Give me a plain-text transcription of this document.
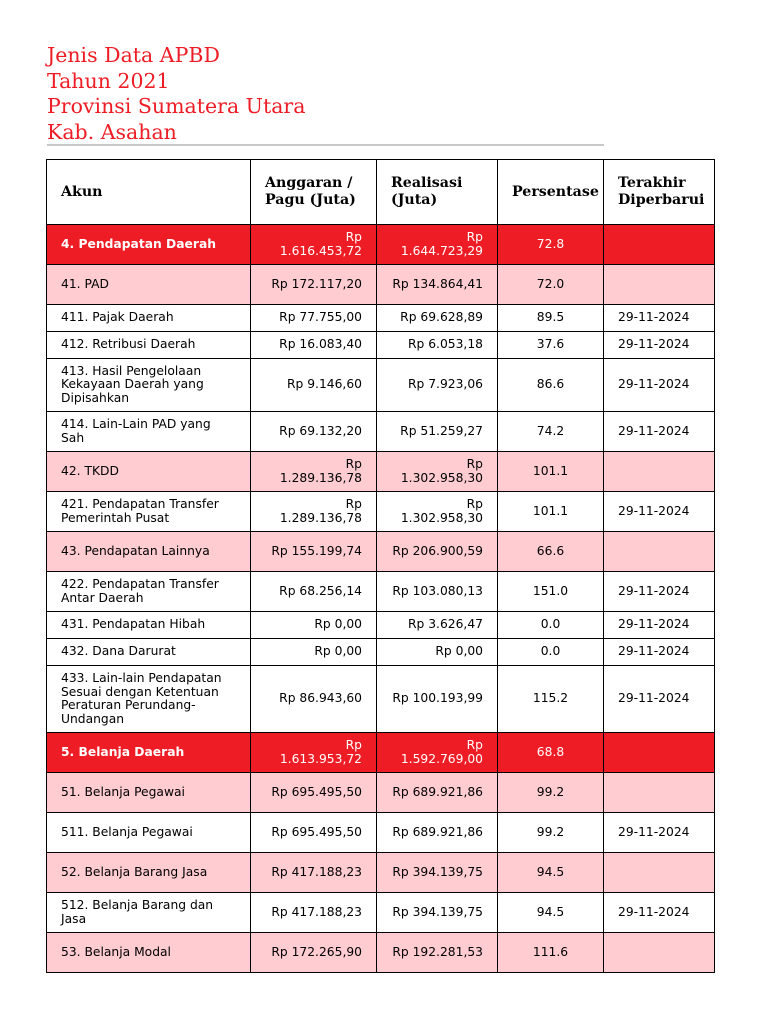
Jenis Data APBD
Tahun 2021
Provinsi Sumatera Utara
Kab. Asahan
Akun	Anggaran / Pagu (Juta)	Realisasi (Juta)	Persentase	Terakhir Diperbarui
4. Pendapatan Daerah	Rp 1.616.453,72	Rp 1.644.723,29	72.8	
41. PAD	Rp 172.117,20	Rp 134.864,41	72.0	
411. Pajak Daerah	Rp 77.755,00	Rp 69.628,89	89.5	29-11-2024
412. Retribusi Daerah	Rp 16.083,40	Rp 6.053,18	37.6	29-11-2024
413. Hasil Pengelolaan Kekayaan Daerah yang Dipisahkan	Rp 9.146,60	Rp 7.923,06	86.6	29-11-2024
414. Lain-Lain PAD yang Sah	Rp 69.132,20	Rp 51.259,27	74.2	29-11-2024
42. TKDD	Rp 1.289.136,78	Rp 1.302.958,30	101.1	
421. Pendapatan Transfer Pemerintah Pusat	Rp 1.289.136,78	Rp 1.302.958,30	101.1	29-11-2024
43. Pendapatan Lainnya	Rp 155.199,74	Rp 206.900,59	66.6	
422. Pendapatan Transfer Antar Daerah	Rp 68.256,14	Rp 103.080,13	151.0	29-11-2024
431. Pendapatan Hibah	Rp 0,00	Rp 3.626,47	0.0	29-11-2024
432. Dana Darurat	Rp 0,00	Rp 0,00	0.0	29-11-2024
433. Lain-lain Pendapatan Sesuai dengan Ketentuan Peraturan Perundang-Undangan	Rp 86.943,60	Rp 100.193,99	115.2	29-11-2024
5. Belanja Daerah	Rp 1.613.953,72	Rp 1.592.769,00	68.8	
51. Belanja Pegawai	Rp 695.495,50	Rp 689.921,86	99.2	
511. Belanja Pegawai	Rp 695.495,50	Rp 689.921,86	99.2	29-11-2024
52. Belanja Barang Jasa	Rp 417.188,23	Rp 394.139,75	94.5	
512. Belanja Barang dan Jasa	Rp 417.188,23	Rp 394.139,75	94.5	29-11-2024
53. Belanja Modal	Rp 172.265,90	Rp 192.281,53	111.6	
